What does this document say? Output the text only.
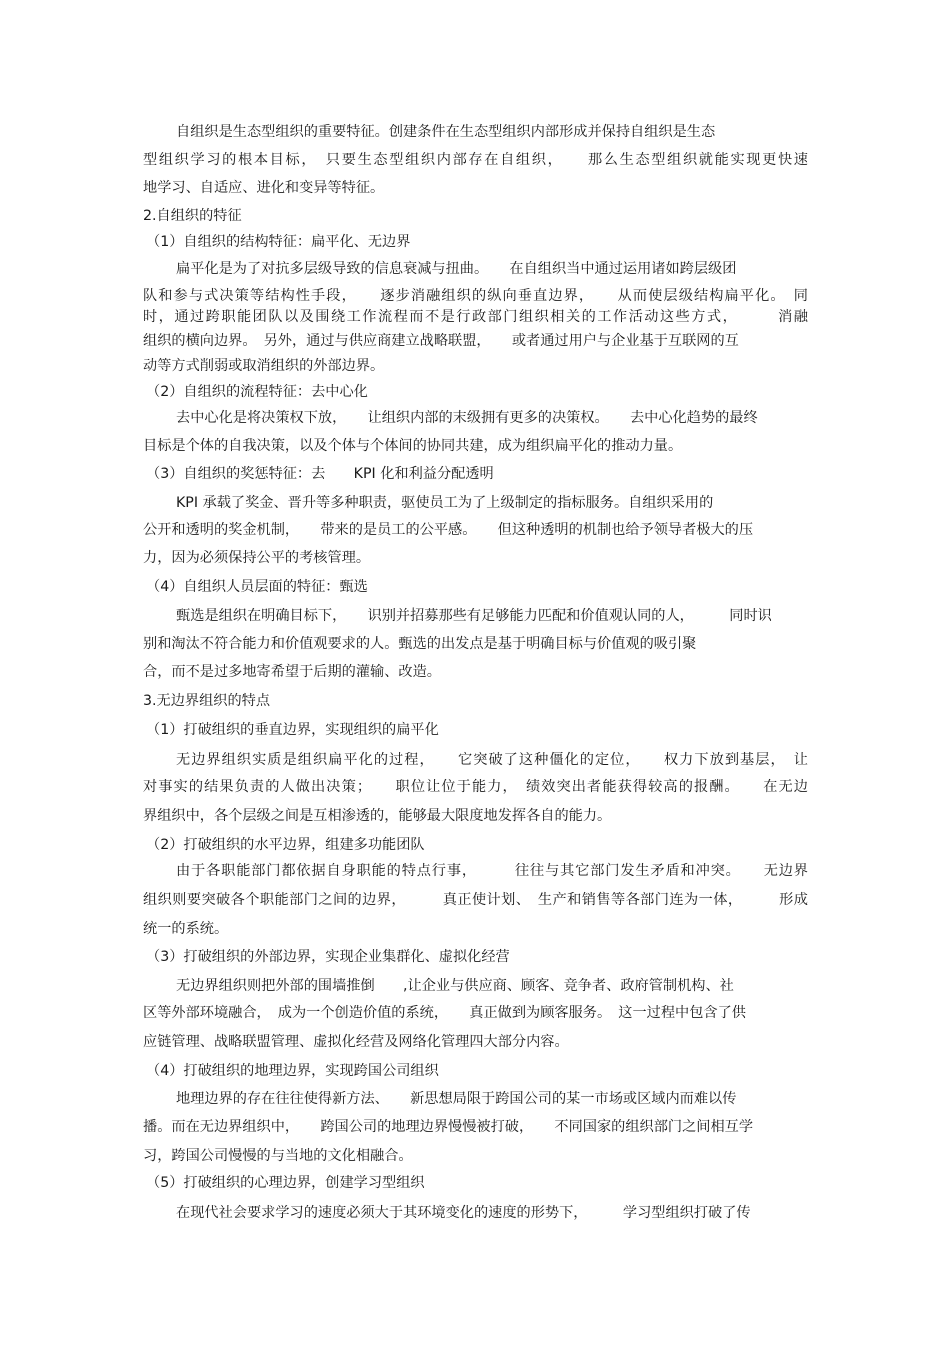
自组织是生态型组织的重要特征。创建条件在生态型组织内部形成并保持自组织是生态
型组织学习的根本目标，　只要生态型组织内部存在自组织，　　那么生态型组织就能实现更快速
地学习、自适应、进化和变异等特征。
2.自组织的特征
（1）自组织的结构特征：扁平化、无边界
扁平化是为了对抗多层级导致的信息衰减与扭曲。　　在自组织当中通过运用诸如跨层级团
队和参与式决策等结构性手段，　　逐步消融组织的纵向垂直边界，　　从而使层级结构扁平化。　同
时，通过跨职能团队以及围绕工作流程而不是行政部门组织相关的工作活动这些方式，　　　消融
组织的横向边界。　另外，通过与供应商建立战略联盟，　　或者通过用户与企业基于互联网的互
动等方式削弱或取消组织的外部边界。
（2）自组织的流程特征：去中心化
去中心化是将决策权下放，　　让组织内部的末级拥有更多的决策权。　　去中心化趋势的最终
目标是个体的自我决策，以及个体与个体间的协同共建，成为组织扁平化的推动力量。
（3）自组织的奖惩特征：去　　KPI 化和利益分配透明
KPI 承载了奖金、晋升等多种职责，驱使员工为了上级制定的指标服务。自组织采用的
公开和透明的奖金机制，　　带来的是员工的公平感。　　但这种透明的机制也给予领导者极大的压
力，因为必须保持公平的考核管理。
（4）自组织人员层面的特征：甄选
甄选是组织在明确目标下，　　识别并招募那些有足够能力匹配和价值观认同的人，　　　同时识
别和淘汰不符合能力和价值观要求的人。甄选的出发点是基于明确目标与价值观的吸引聚
合，而不是过多地寄希望于后期的灌输、改造。
3.无边界组织的特点
（1）打破组织的垂直边界，实现组织的扁平化
无边界组织实质是组织扁平化的过程，　　它突破了这种僵化的定位，　　权力下放到基层，　让
对事实的结果负责的人做出决策；　　职位让位于能力，　绩效突出者能获得较高的报酬。　　在无边
界组织中，各个层级之间是互相渗透的，能够最大限度地发挥各自的能力。
（2）打破组织的水平边界，组建多功能团队
由于各职能部门都依据自身职能的特点行事，　　　往往与其它部门发生矛盾和冲突。　　无边界
组织则要突破各个职能部门之间的边界，　　　真正使计划、　生产和销售等各部门连为一体，　　　形成
统一的系统。
（3）打破组织的外部边界，实现企业集群化、虚拟化经营
无边界组织则把外部的围墙推倒　　,让企业与供应商、顾客、竞争者、政府管制机构、社
区等外部环境融合，　成为一个创造价值的系统，　　真正做到为顾客服务。　这一过程中包含了供
应链管理、战略联盟管理、虚拟化经营及网络化管理四大部分内容。
（4）打破组织的地理边界，实现跨国公司组织
地理边界的存在往往使得新方法、　　新思想局限于跨国公司的某一市场或区域内而难以传
播。而在无边界组织中，　　跨国公司的地理边界慢慢被打破，　　不同国家的组织部门之间相互学
习，跨国公司慢慢的与当地的文化相融合。
（5）打破组织的心理边界，创建学习型组织
在现代社会要求学习的速度必须大于其环境变化的速度的形势下，　　　学习型组织打破了传
